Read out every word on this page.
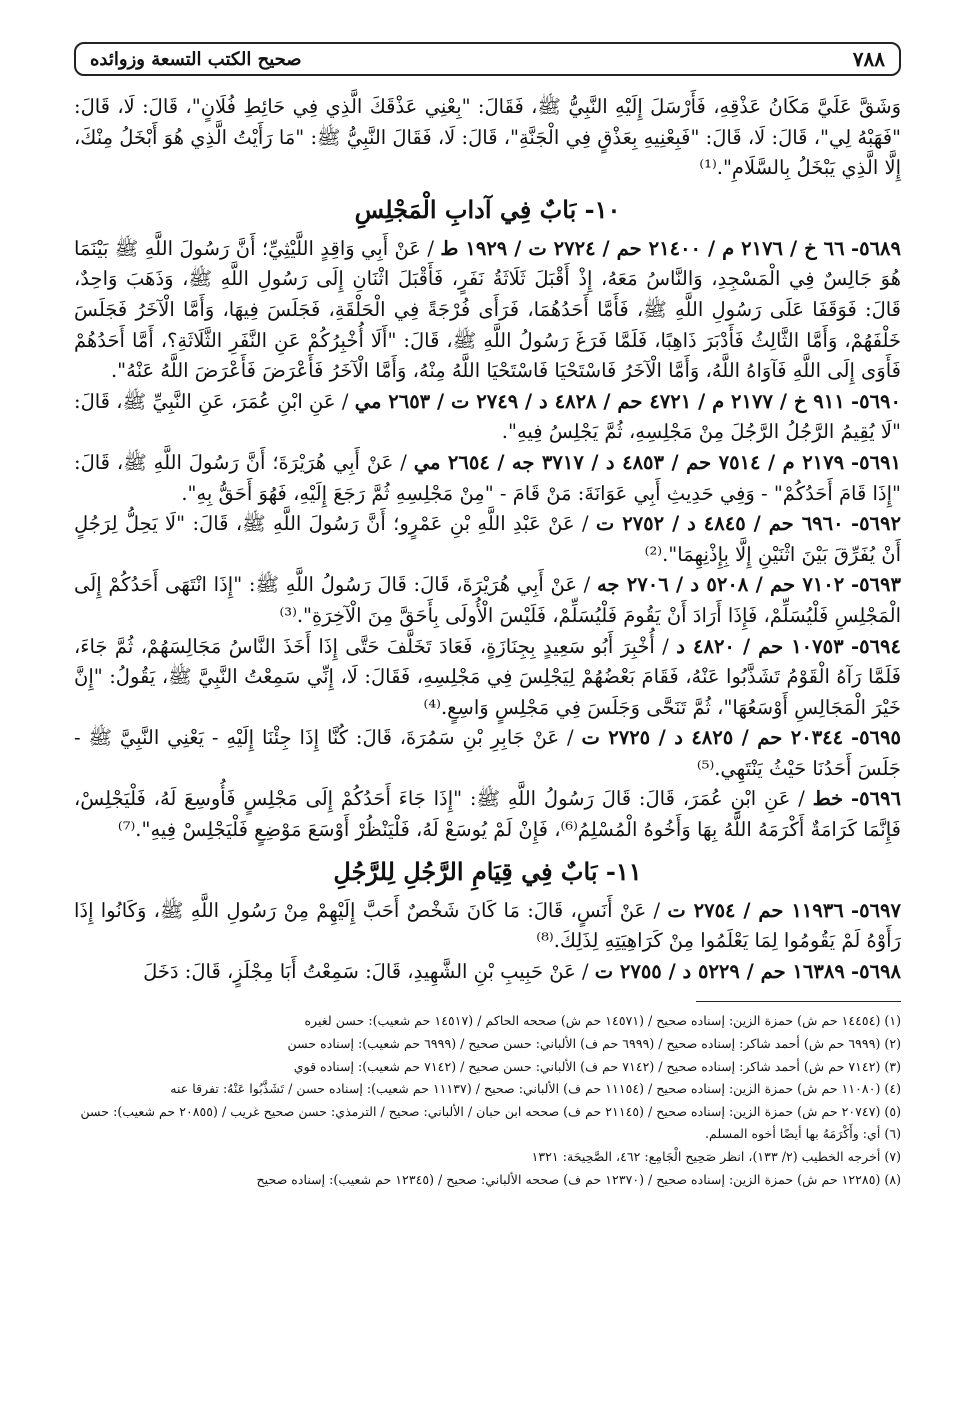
٧٨٨
صحيح الكتب التسعة وزوائده

وَشَقَّ عَلَيَّ مَكَانُ عَذْقِهِ، فَأَرْسَلَ إِلَيْهِ النَّبِيُّ ﷺ، فَقَالَ: "بِعْنِي عَذْقَكَ الَّذِي فِي حَائِطِ فُلَانٍ"، قَالَ: لَا، قَالَ: "فَهَبْهُ لِي"، قَالَ: لَا، قَالَ: "فَبِعْنِيهِ بِعَذْقٍ فِي الْجَنَّةِ"، قَالَ: لَا، فَقَالَ النَّبِيُّ ﷺ: "مَا رَأَيْتُ الَّذِي هُوَ أَبْخَلُ مِنْكَ، إِلَّا الَّذِي يَبْخَلُ بِالسَّلَامِ".⁽¹⁾

١٠- بَابٌ فِي آدابِ الْمَجْلِسِ

٥٦٨٩- ٦٦ خ / ٢١٧٦ م / ٢١٤٠٠ حم / ٢٧٢٤ ت / ١٩٢٩ ط / عَنْ أَبِي وَاقِدٍ اللَّيْثِيِّ؛ أَنَّ رَسُولَ اللَّهِ ﷺ بَيْنَمَا هُوَ جَالِسٌ فِي الْمَسْجِدِ، وَالنَّاسُ مَعَهُ، إِذْ أَقْبَلَ ثَلَاثَةُ نَفَرٍ، فَأَقْبَلَ اثْنَانِ إِلَى رَسُولِ اللَّهِ ﷺ، وَذَهَبَ وَاحِدٌ، قَالَ: فَوَقَفَا عَلَى رَسُولِ اللَّهِ ﷺ، فَأَمَّا أَحَدُهُمَا، فَرَأَى فُرْجَةً فِي الْحَلْقَةِ، فَجَلَسَ فِيهَا، وَأَمَّا الْآخَرُ فَجَلَسَ خَلْفَهُمْ، وَأَمَّا الثَّالِثُ فَأَدْبَرَ ذَاهِبًا، فَلَمَّا فَرَغَ رَسُولُ اللَّهِ ﷺ، قَالَ: "أَلَا أُخْبِرُكُمْ عَنِ النَّفَرِ الثَّلَاثَةِ؟، أَمَّا أَحَدُهُمْ فَأَوَى إِلَى اللَّهِ فَآوَاهُ اللَّهُ، وَأَمَّا الْآخَرُ فَاسْتَحْيَا فَاسْتَحْيَا اللَّهُ مِنْهُ، وَأَمَّا الْآخَرُ فَأَعْرَضَ فَأَعْرَضَ اللَّهُ عَنْهُ".

٥٦٩٠- ٩١١ خ / ٢١٧٧ م / ٤٧٢١ حم / ٤٨٢٨ د / ٢٧٤٩ ت / ٢٦٥٣ مي / عَنِ ابْنِ عُمَرَ، عَنِ النَّبِيِّ ﷺ، قَالَ: "لَا يُقِيمُ الرَّجُلُ الرَّجُلَ مِنْ مَجْلِسِهِ، ثُمَّ يَجْلِسُ فِيهِ".

٥٦٩١- ٢١٧٩ م / ٧٥١٤ حم / ٤٨٥٣ د / ٣٧١٧ جه / ٢٦٥٤ مي / عَنْ أَبِي هُرَيْرَةَ؛ أَنَّ رَسُولَ اللَّهِ ﷺ، قَالَ: "إِذَا قَامَ أَحَدُكُمْ" - وَفِي حَدِيثِ أَبِي عَوَانَةَ: مَنْ قَامَ - "مِنْ مَجْلِسِهِ ثُمَّ رَجَعَ إِلَيْهِ، فَهُوَ أَحَقُّ بِهِ".

٥٦٩٢- ٦٩٦٠ حم / ٤٨٤٥ د / ٢٧٥٢ ت / عَنْ عَبْدِ اللَّهِ بْنِ عَمْرٍو؛ أَنَّ رَسُولَ اللَّهِ ﷺ، قَالَ: "لَا يَحِلُّ لِرَجُلٍ أَنْ يُفَرِّقَ بَيْنَ اثْنَيْنِ إِلَّا بِإِذْنِهِمَا".⁽²⁾

٥٦٩٣- ٧١٠٢ حم / ٥٢٠٨ د / ٢٧٠٦ جه / عَنْ أَبِي هُرَيْرَةَ، قَالَ: قَالَ رَسُولُ اللَّهِ ﷺ: "إِذَا انْتَهَى أَحَدُكُمْ إِلَى الْمَجْلِسِ فَلْيُسَلِّمْ، فَإِذَا أَرَادَ أَنْ يَقُومَ فَلْيُسَلِّمْ، فَلَيْسَ الْأُولَى بِأَحَقَّ مِنَ الْآخِرَةِ".⁽³⁾

٥٦٩٤- ١٠٧٥٣ حم / ٤٨٢٠ د / أُخْبِرَ أَبُو سَعِيدٍ بِجِنَازَةٍ، فَعَادَ تَخَلَّفَ حَتَّى إِذَا أَخَذَ النَّاسُ مَجَالِسَهُمْ، ثُمَّ جَاءَ، فَلَمَّا رَآهُ الْقَوْمُ تَشَذَّبُوا عَنْهُ، فَقَامَ بَعْضُهُمْ لِيَجْلِسَ فِي مَجْلِسِهِ، فَقَالَ: لَا، إِنِّي سَمِعْتُ النَّبِيَّ ﷺ، يَقُولُ: "إِنَّ خَيْرَ الْمَجَالِسِ أَوْسَعُهَا"، ثُمَّ تَنَحَّى وَجَلَسَ فِي مَجْلِسٍ وَاسِعٍ.⁽⁴⁾

٥٦٩٥- ٢٠٣٤٤ حم / ٤٨٢٥ د / ٢٧٢٥ ت / عَنْ جَابِرِ بْنِ سَمُرَةَ، قَالَ: كُنَّا إِذَا جِئْنَا إِلَيْهِ - يَعْنِي النَّبِيَّ ﷺ - جَلَسَ أَحَدُنَا حَيْثُ يَنْتَهِي.⁽⁵⁾

٥٦٩٦- خط / عَنِ ابْنِ عُمَرَ، قَالَ: قَالَ رَسُولُ اللَّهِ ﷺ: "إِذَا جَاءَ أَحَدُكُمْ إِلَى مَجْلِسٍ فَأُوسِعَ لَهُ، فَلْيَجْلِسْ، فَإِنَّمَا كَرَامَةٌ أَكْرَمَهُ اللَّهُ بِهَا وَأَخُوهُ الْمُسْلِمُ⁽⁶⁾، فَإِنْ لَمْ يُوسَعْ لَهُ، فَلْيَنْظُرْ أَوْسَعَ مَوْضِعٍ فَلْيَجْلِسْ فِيهِ".⁽⁷⁾

١١- بَابٌ فِي قِيَامِ الرَّجُلِ لِلرَّجُلِ

٥٦٩٧- ١١٩٣٦ حم / ٢٧٥٤ ت / عَنْ أَنَسٍ، قَالَ: مَا كَانَ شَخْصٌ أَحَبَّ إِلَيْهِمْ مِنْ رَسُولِ اللَّهِ ﷺ، وَكَانُوا إِذَا رَأَوْهُ لَمْ يَقُومُوا لِمَا يَعْلَمُوا مِنْ كَرَاهِيَتِهِ لِذَلِكَ.⁽⁸⁾

٥٦٩٨- ١٦٣٨٩ حم / ٥٢٢٩ د / ٢٧٥٥ ت / عَنْ حَبِيبِ بْنِ الشَّهِيدِ، قَالَ: سَمِعْتُ أَبَا مِجْلَزٍ، قَالَ: دَخَلَ

(١) (١٤٤٥٤ حم ش) حمزة الزين: إسناده صحيح / (١٤٥٧١ حم ش) صححه الحاكم / (١٤٥١٧ حم شعيب): حسن لغيره

(٢) (٦٩٩٩ حم ش) أحمد شاكر: إسناده صحيح / (٦٩٩٩ حم ف) الألباني: حسن صحيح / (٦٩٩٩ حم شعيب): إسناده حسن

(٣) (٧١٤٢ حم ش) أحمد شاكر: إسناده صحيح / (٧١٤٢ حم ف) الألباني: حسن صحيح / (٧١٤٢ حم شعيب): إسناده قوي

(٤) (١١٠٨٠ حم ش) حمزة الزين: إسناده صحيح / (١١١٥٤ حم ف) الألباني: صحيح / (١١١٣٧ حم شعيب): إسناده حسن / تَشَذَّبُوا عَنْهُ: تفرقا عنه

(٥) (٢٠٧٤٧ حم ش) حمزة الزين: إسناده صحيح / (٢١١٤٥ حم ف) صححه ابن حبان / الألباني: صحيح / الترمذي: حسن صحيح غريب / (٢٠٨٥٥ حم شعيب): حسن

(٦) أي: وأَكْرَمَهُ بها أيضًا أخوه المسلم.

(٧) أخرجه الخطيب (٢/ ١٣٣)، انظر صَحِيح الْجَامِع: ٤٦٢، الصَّحِيحَة: ١٣٢١

(٨) (١٢٢٨٥ حم ش) حمزة الزين: إسناده صحيح / (١٢٣٧٠ حم ف) صححه الألباني: صحيح / (١٢٣٤٥ حم شعيب): إسناده صحيح
